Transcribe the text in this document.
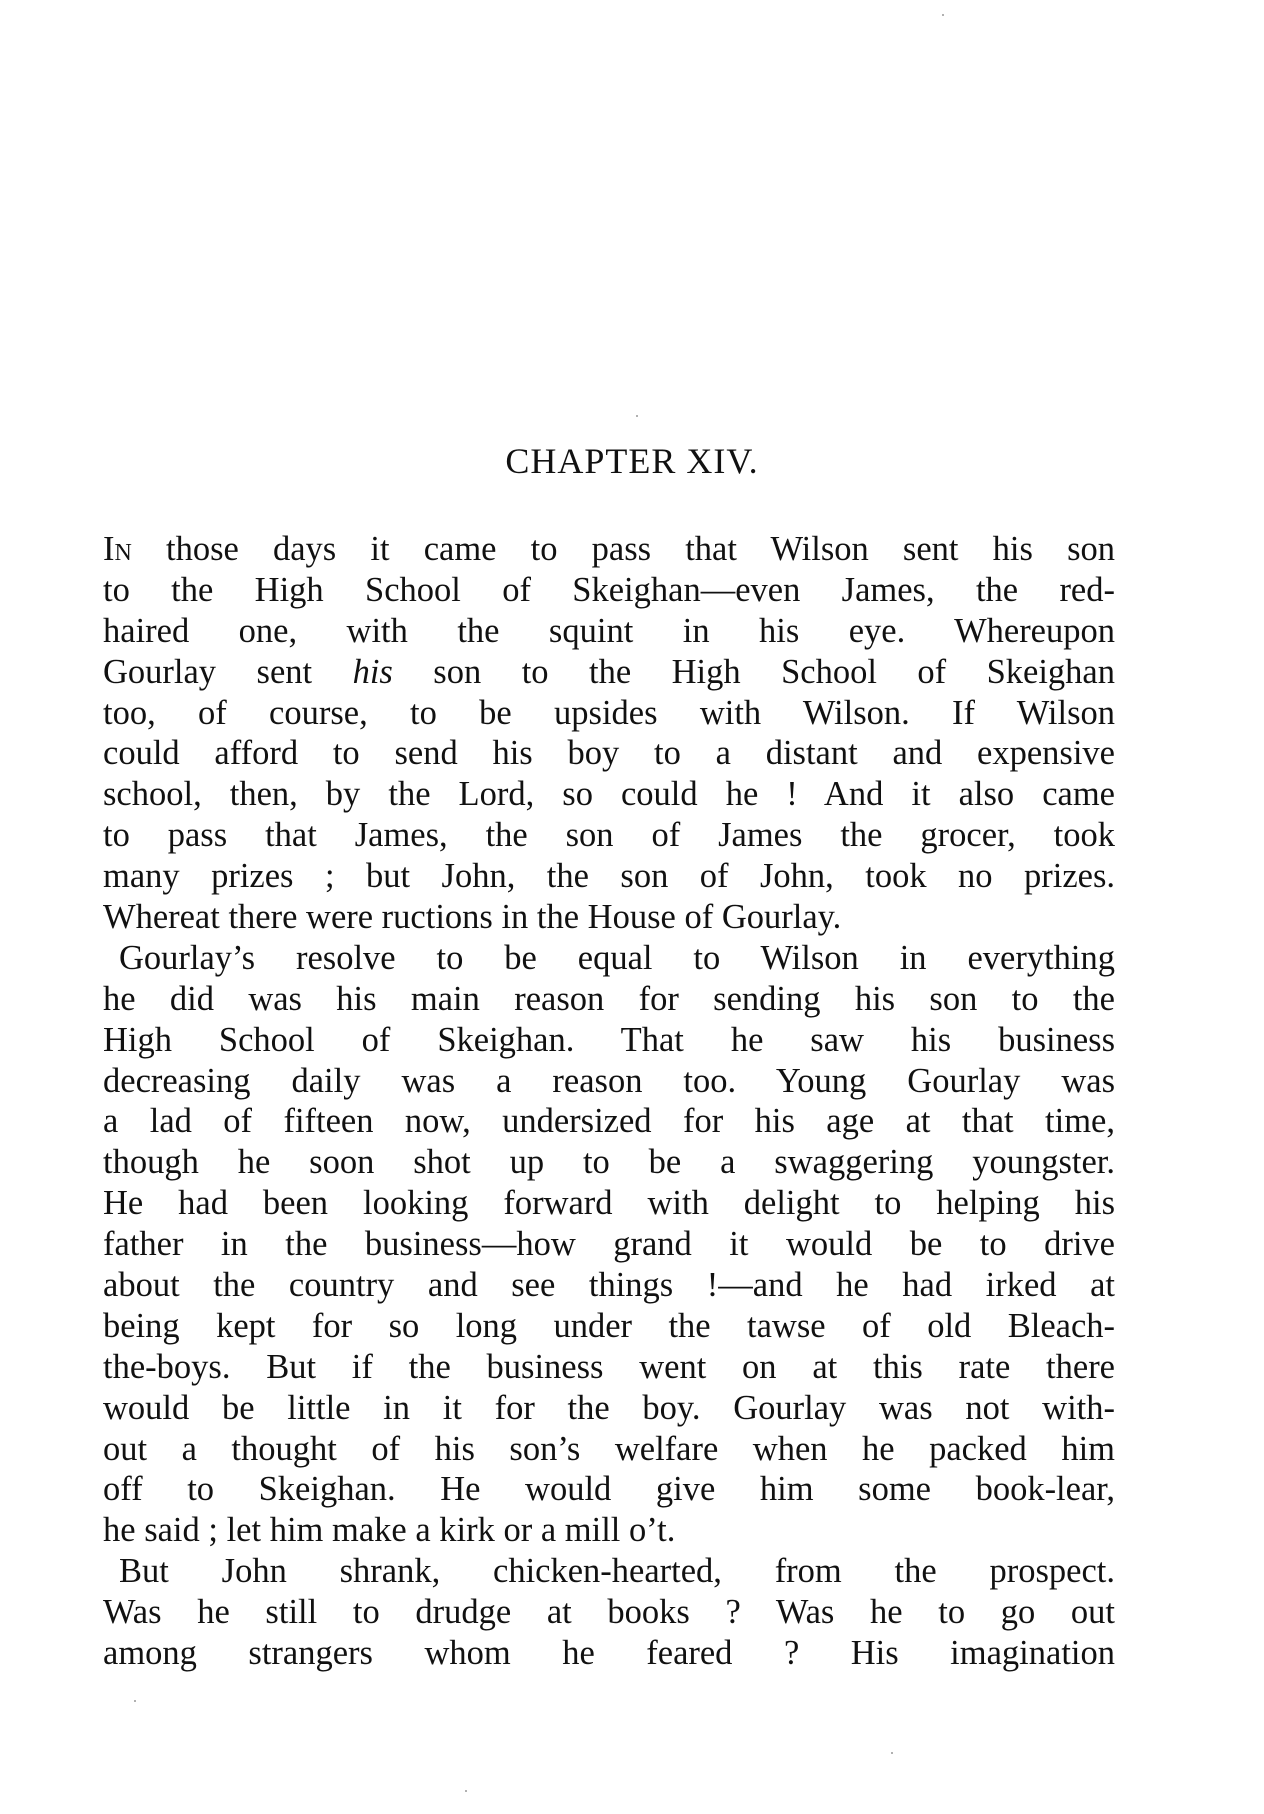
CHAPTER XIV.
In those days it came to pass that Wilson sent his son
to the High School of Skeighan—even James, the red-
haired one, with the squint in his eye. Whereupon
Gourlay sent his son to the High School of Skeighan
too, of course, to be upsides with Wilson. If Wilson
could afford to send his boy to a distant and expensive
school, then, by the Lord, so could he ! And it also came
to pass that James, the son of James the grocer, took
many prizes ; but John, the son of John, took no prizes.
Whereat there were ructions in the House of Gourlay.
Gourlay’s resolve to be equal to Wilson in everything
he did was his main reason for sending his son to the
High School of Skeighan. That he saw his business
decreasing daily was a reason too. Young Gourlay was
a lad of fifteen now, undersized for his age at that time,
though he soon shot up to be a swaggering youngster.
He had been looking forward with delight to helping his
father in the business—how grand it would be to drive
about the country and see things !—and he had irked at
being kept for so long under the tawse of old Bleach-
the-boys. But if the business went on at this rate there
would be little in it for the boy. Gourlay was not with-
out a thought of his son’s welfare when he packed him
off to Skeighan. He would give him some book-lear,
he said ; let him make a kirk or a mill o’t.
But John shrank, chicken-hearted, from the prospect.
Was he still to drudge at books ? Was he to go out
among strangers whom he feared ? His imagination
